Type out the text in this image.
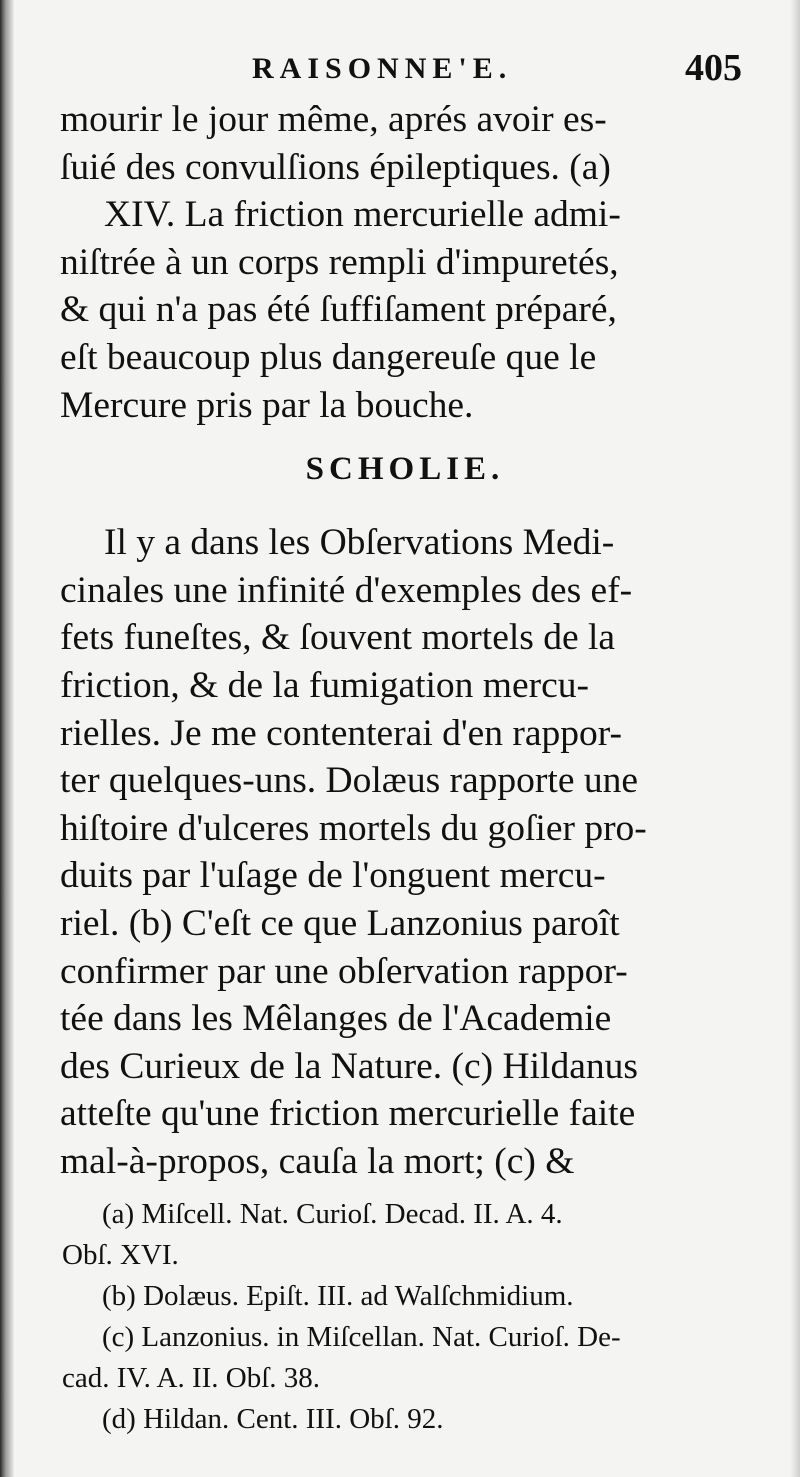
RAISONNE'E.	405
mourir le jour même, aprés avoir es-
ſuié des convulſions épileptiques. (a)
XIV. La friction mercurielle admi-
niſtrée à un corps rempli d'impuretés,
& qui n'a pas été ſuffiſament préparé,
eſt beaucoup plus dangereuſe que le
Mercure pris par la bouche.
SCHOLIE.
Il y a dans les Obſervations Medi-
cinales une infinité d'exemples des ef-
fets funeſtes, & ſouvent mortels de la
friction, & de la fumigation mercu-
rielles. Je me contenterai d'en rappor-
ter quelques-uns. Dolæus rapporte une
hiſtoire d'ulceres mortels du goſier pro-
duits par l'uſage de l'onguent mercu-
riel. (b) C'eſt ce que Lanzonius paroît
confirmer par une obſervation rappor-
tée dans les Mêlanges de l'Academie
des Curieux de la Nature. (c) Hildanus
atteſte qu'une friction mercurielle faite
mal-à-propos, cauſa la mort; (c) &
(a) Miſcell. Nat. Curioſ. Decad. II. A. 4.
Obſ. XVI.
(b) Dolæus. Epiſt. III. ad Walſchmidium.
(c) Lanzonius. in Miſcellan. Nat. Curioſ. De-
cad. IV. A. II. Obſ. 38.
(d) Hildan. Cent. III. Obſ. 92.
